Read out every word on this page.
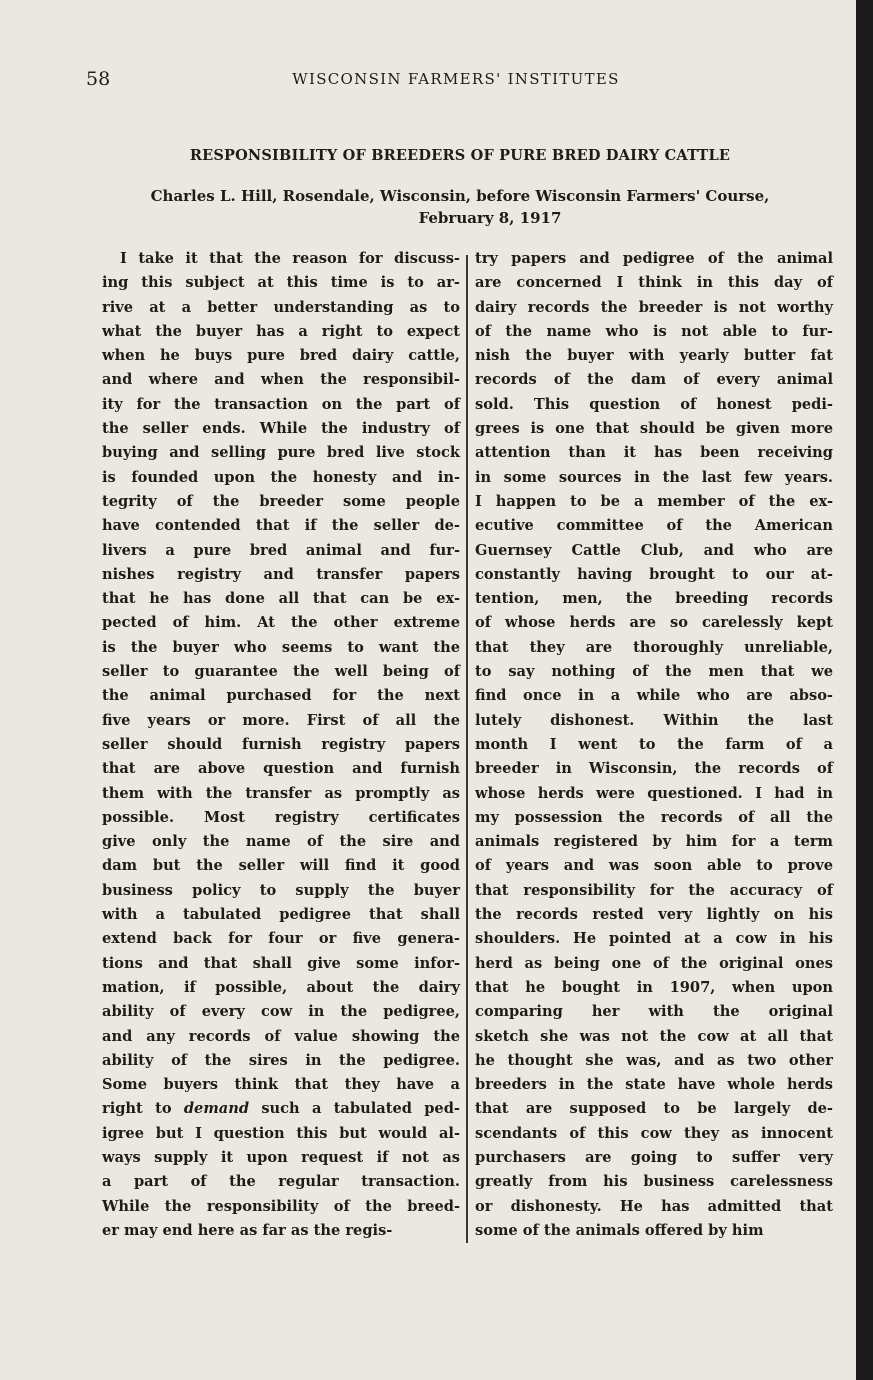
58	WISCONSIN FARMERS' INSTITUTES
RESPONSIBILITY OF BREEDERS OF PURE BRED DAIRY CATTLE
Charles L. Hill, Rosendale, Wisconsin, before Wisconsin Farmers' Course,
February 8, 1917
I take it that the reason for discuss-
ing this subject at this time is to ar-
rive at a better understanding as to
what the buyer has a right to expect
when he buys pure bred dairy cattle,
and where and when the responsibil-
ity for the transaction on the part of
the seller ends. While the industry of
buying and selling pure bred live stock
is founded upon the honesty and in-
tegrity of the breeder some people
have contended that if the seller de-
livers a pure bred animal and fur-
nishes registry and transfer papers
that he has done all that can be ex-
pected of him. At the other extreme
is the buyer who seems to want the
seller to guarantee the well being of
the animal purchased for the next
five years or more. First of all the
seller should furnish registry papers
that are above question and furnish
them with the transfer as promptly as
possible. Most registry certificates
give only the name of the sire and
dam but the seller will find it good
business policy to supply the buyer
with a tabulated pedigree that shall
extend back for four or five genera-
tions and that shall give some infor-
mation, if possible, about the dairy
ability of every cow in the pedigree,
and any records of value showing the
ability of the sires in the pedigree.
Some buyers think that they have a
right to demand such a tabulated ped-
igree but I question this but would al-
ways supply it upon request if not as
a part of the regular transaction.
While the responsibility of the breed-
er may end here as far as the regis-
try papers and pedigree of the animal
are concerned I think in this day of
dairy records the breeder is not worthy
of the name who is not able to fur-
nish the buyer with yearly butter fat
records of the dam of every animal
sold. This question of honest pedi-
grees is one that should be given more
attention than it has been receiving
in some sources in the last few years.
I happen to be a member of the ex-
ecutive committee of the American
Guernsey Cattle Club, and who are
constantly having brought to our at-
tention, men, the breeding records
of whose herds are so carelessly kept
that they are thoroughly unreliable,
to say nothing of the men that we
find once in a while who are abso-
lutely dishonest. Within the last
month I went to the farm of a
breeder in Wisconsin, the records of
whose herds were questioned. I had in
my possession the records of all the
animals registered by him for a term
of years and was soon able to prove
that responsibility for the accuracy of
the records rested very lightly on his
shoulders. He pointed at a cow in his
herd as being one of the original ones
that he bought in 1907, when upon
comparing her with the original
sketch she was not the cow at all that
he thought she was, and as two other
breeders in the state have whole herds
that are supposed to be largely de-
scendants of this cow they as innocent
purchasers are going to suffer very
greatly from his business carelessness
or dishonesty. He has admitted that
some of the animals offered by him
